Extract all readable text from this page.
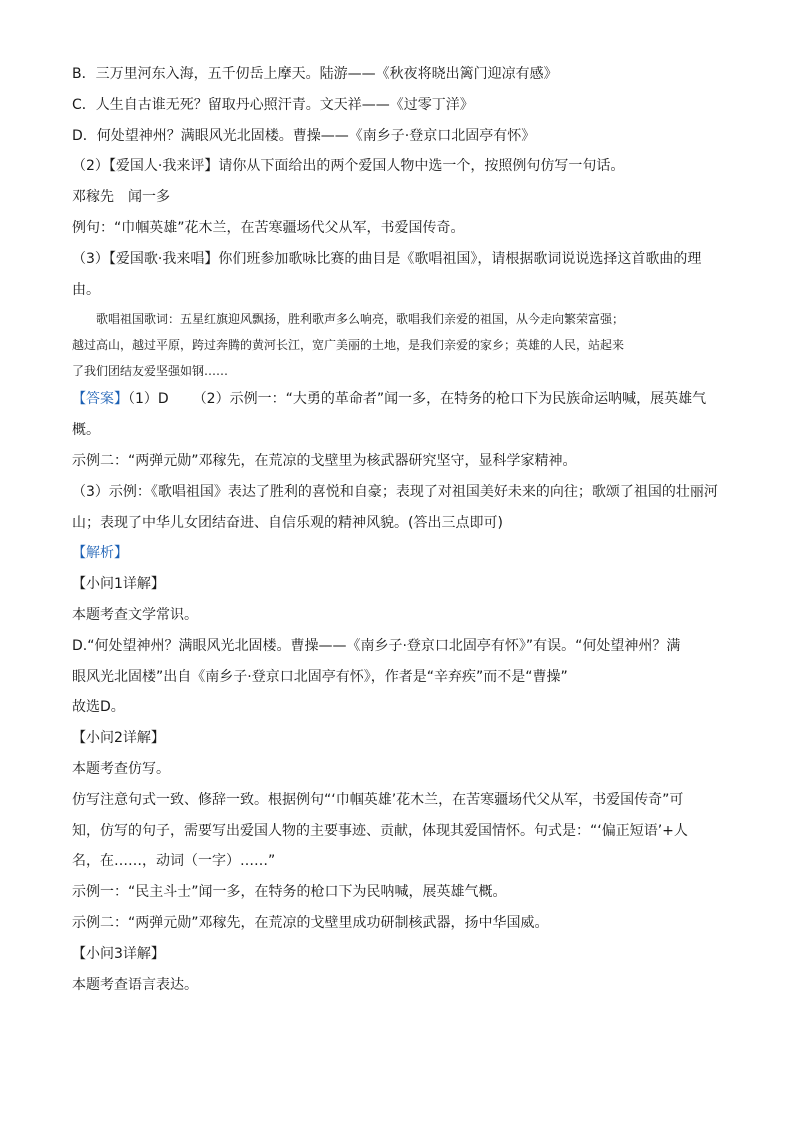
B．三万里河东入海，五千仞岳上摩天。陆游——《秋夜将晓出篱门迎凉有感》
C．人生自古谁无死？留取丹心照汗青。文天祥——《过零丁洋》
D．何处望神州？满眼风光北固楼。曹操——《南乡子·登京口北固亭有怀》
（2）【爱国人·我来评】请你从下面给出的两个爱国人物中选一个，按照例句仿写一句话。
邓稼先　闻一多
例句：“巾帼英雄”花木兰，在苦寒疆场代父从军，书爱国传奇。
（3）【爱国歌·我来唱】你们班参加歌咏比赛的曲目是《歌唱祖国》，请根据歌词说说选择这首歌曲的理
由。
歌唱祖国歌词：五星红旗迎风飘扬，胜利歌声多么响亮，歌唱我们亲爱的祖国，从今走向繁荣富强；
越过高山，越过平原，跨过奔腾的黄河长江，宽广美丽的土地，是我们亲爱的家乡；英雄的人民，站起来
了我们团结友爱坚强如钢……
【答案】（1）D （2）示例一：“大勇的革命者”闻一多，在特务的枪口下为民族命运呐喊，展英雄气
概。
示例二：“两弹元勋”邓稼先，在荒凉的戈壁里为核武器研究坚守，显科学家精神。
（3）示例：《歌唱祖国》表达了胜利的喜悦和自豪；表现了对祖国美好未来的向往；歌颂了祖国的壮丽河
山；表现了中华儿女团结奋进、自信乐观的精神风貌。(答出三点即可)
【解析】
【小问1详解】
本题考查文学常识。
D.“何处望神州？满眼风光北固楼。曹操——《南乡子·登京口北固亭有怀》”有误。“何处望神州？满
眼风光北固楼”出自《南乡子·登京口北固亭有怀》，作者是“辛弃疾”而不是“曹操”
故选D。
【小问2详解】
本题考查仿写。
仿写注意句式一致、修辞一致。根据例句“‘巾帼英雄’花木兰，在苦寒疆场代父从军，书爱国传奇”可
知，仿写的句子，需要写出爱国人物的主要事迹、贡献，体现其爱国情怀。句式是：“‘偏正短语’+人
名，在……，动词（一字）……”
示例一：“民主斗士”闻一多，在特务的枪口下为民呐喊，展英雄气概。
示例二：“两弹元勋”邓稼先，在荒凉的戈壁里成功研制核武器，扬中华国威。
【小问3详解】
本题考查语言表达。
